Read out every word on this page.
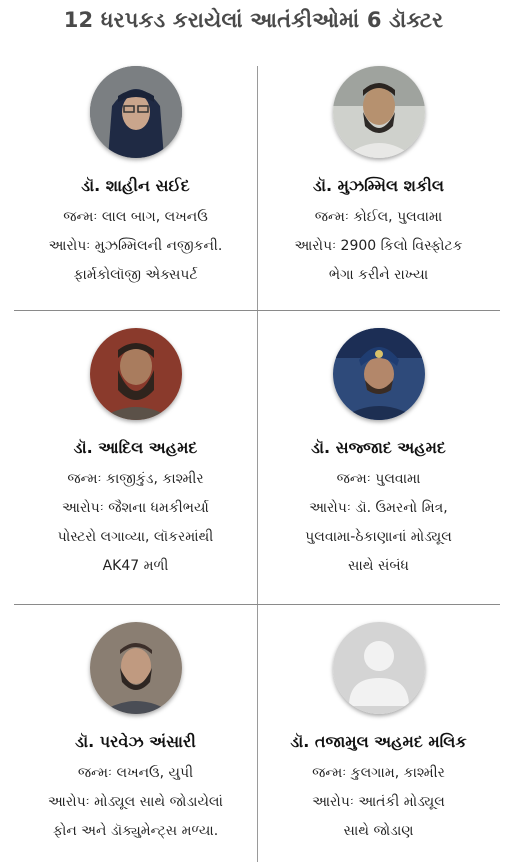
12 ધરપકડ કરાયેલાં આતંકીઓમાં 6 ડૉક્ટર
ડૉ. શાહીન સઈદ
જન્મઃ લાલ બાગ, લખનઉ
આરોપઃ મુઝમ્મિલની નજીકની.
ફાર્મકોલૉજી એક્સપર્ટ
ડૉ. મુઝમ્મિલ શકીલ
જન્મઃ કોઈલ, પુલવામા
આરોપઃ 2900 કિલો વિસ્ફોટક
ભેગા કરીને રાખ્યા
ડૉ. આદિલ અહમદ
જન્મઃ કાજીકુંડ, કાશ્મીર
આરોપઃ જૈશના ધમકીભર્યા
પોસ્ટરો લગાવ્યા, લૉકરમાંથી
AK47 મળી
ડૉ. સજ્જાદ અહમદ
જન્મઃ પુલવામા
આરોપઃ ડૉ. ઉમરનો મિત્ર,
પુલવામા-ઠેકાણાનાં મોડ્યૂલ
સાથે સંબંધ
ડૉ. પરવેઝ અંસારી
જન્મઃ લખનઉ, યુપી
આરોપઃ મોડ્યૂલ સાથે જોડાયેલાં
ફોન અને ડૉક્યુમેન્ટ્સ મળ્યા.
ડૉ. તજામુલ અહમદ મલિક
જન્મઃ કુલગામ, કાશ્મીર
આરોપઃ આતંકી મોડ્યૂલ
સાથે જોડાણ
